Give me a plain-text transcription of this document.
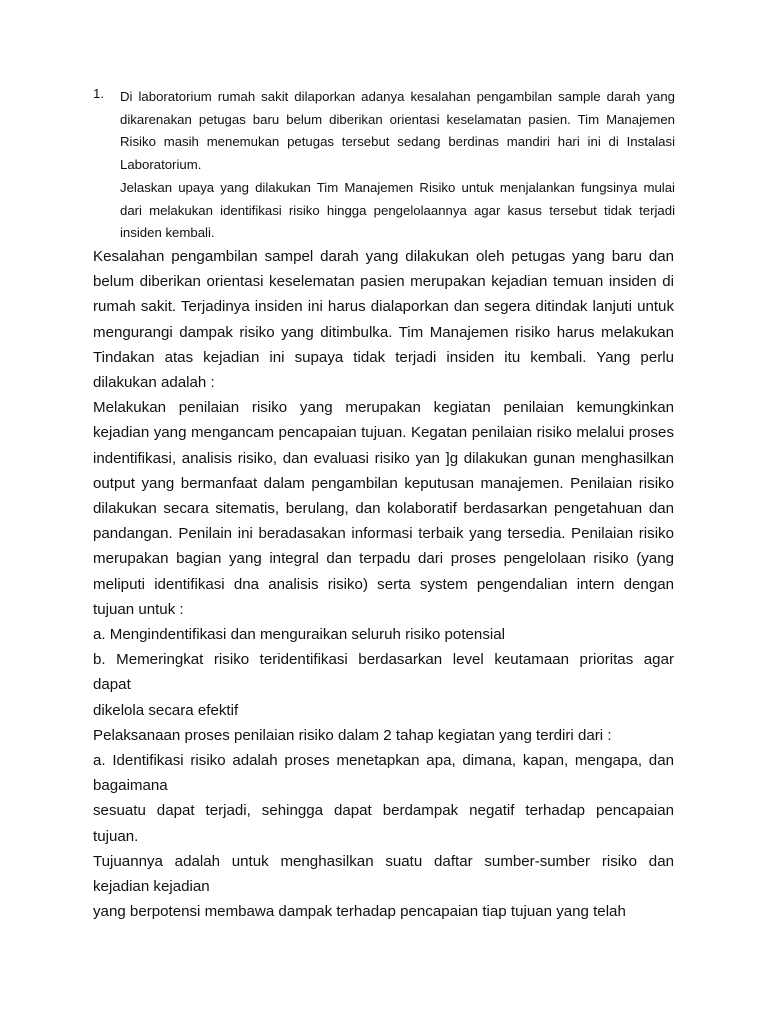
1. Di laboratorium rumah sakit dilaporkan adanya kesalahan pengambilan sample darah yang dikarenakan petugas baru belum diberikan orientasi keselamatan pasien. Tim Manajemen Risiko masih menemukan petugas tersebut sedang berdinas mandiri hari ini di Instalasi Laboratorium.

Jelaskan upaya yang dilakukan Tim Manajemen Risiko untuk menjalankan fungsinya mulai dari melakukan identifikasi risiko hingga pengelolaannya agar kasus tersebut tidak terjadi insiden kembali.

Kesalahan pengambilan sampel darah yang dilakukan oleh petugas yang baru dan belum diberikan orientasi keselematan pasien merupakan kejadian temuan insiden di rumah sakit. Terjadinya insiden ini harus dialaporkan dan segera ditindak lanjuti untuk mengurangi dampak risiko yang ditimbulka. Tim Manajemen risiko harus melakukan Tindakan atas kejadian ini supaya tidak terjadi insiden itu kembali. Yang perlu dilakukan adalah :

Melakukan penilaian risiko yang merupakan kegiatan penilaian kemungkinkan kejadian yang mengancam pencapaian tujuan. Kegatan penilaian risiko melalui proses indentifikasi, analisis risiko, dan evaluasi risiko yan ]g dilakukan gunan menghasilkan output yang bermanfaat dalam pengambilan keputusan manajemen. Penilaian risiko dilakukan secara sitematis, berulang, dan kolaboratif berdasarkan pengetahuan dan pandangan. Penilain ini beradasakan informasi terbaik yang tersedia. Penilaian risiko merupakan bagian yang integral dan terpadu dari proses pengelolaan risiko (yang meliputi identifikasi dna analisis risiko) serta system pengendalian intern dengan tujuan untuk :

a. Mengindentifikasi dan menguraikan seluruh risiko potensial

b. Memeringkat risiko teridentifikasi berdasarkan level keutamaan prioritas agar

dapat

dikelola secara efektif

Pelaksanaan proses penilaian risiko dalam 2 tahap kegiatan yang terdiri dari :

a. Identifikasi risiko adalah proses menetapkan apa, dimana, kapan, mengapa, dan

bagaimana

sesuatu dapat terjadi, sehingga dapat berdampak negatif terhadap pencapaian

tujuan.

Tujuannya adalah untuk menghasilkan suatu daftar sumber-sumber risiko dan

kejadian kejadian

yang berpotensi membawa dampak terhadap pencapaian tiap tujuan yang telah
